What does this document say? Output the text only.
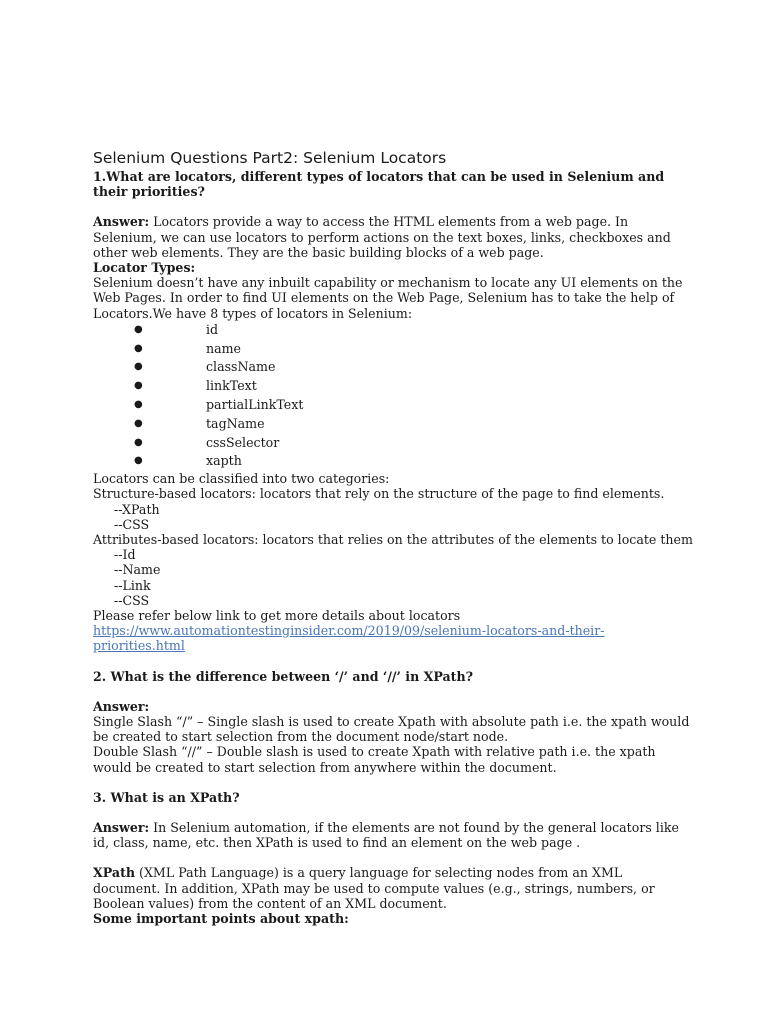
Selenium Questions Part2: Selenium Locators

1.What are locators, different types of locators that can be used in Selenium and their priorities?

Answer: Locators provide a way to access the HTML elements from a web page. In Selenium, we can use locators to perform actions on the text boxes, links, checkboxes and other web elements. They are the basic building blocks of a web page.

Locator Types:

Selenium doesn’t have any inbuilt capability or mechanism to locate any UI elements on the Web Pages. In order to find UI elements on the Web Page, Selenium has to take the help of Locators.We have 8 types of locators in Selenium:

●	id
●	name
●	className
●	linkText
●	partialLinkText
●	tagName
●	cssSelector
●	xapth

Locators can be classified into two categories:

Structure-based locators: locators that rely on the structure of the page to find elements.

--XPath

--CSS

Attributes-based locators: locators that relies on the attributes of the elements to locate them

--Id

--Name

--Link

--CSS

Please refer below link to get more details about locators

https://www.automationtestinginsider.com/2019/09/selenium-locators-and-their-priorities.html

2. What is the difference between ‘/’ and ‘//’ in XPath?

Answer:

Single Slash “/” – Single slash is used to create Xpath with absolute path i.e. the xpath would be created to start selection from the document node/start node.

Double Slash “//” – Double slash is used to create Xpath with relative path i.e. the xpath would be created to start selection from anywhere within the document.

3. What is an XPath?

Answer: In Selenium automation, if the elements are not found by the general locators like id, class, name, etc. then XPath is used to find an element on the web page .

XPath (XML Path Language) is a query language for selecting nodes from an XML document. In addition, XPath may be used to compute values (e.g., strings, numbers, or Boolean values) from the content of an XML document.

Some important points about xpath:
